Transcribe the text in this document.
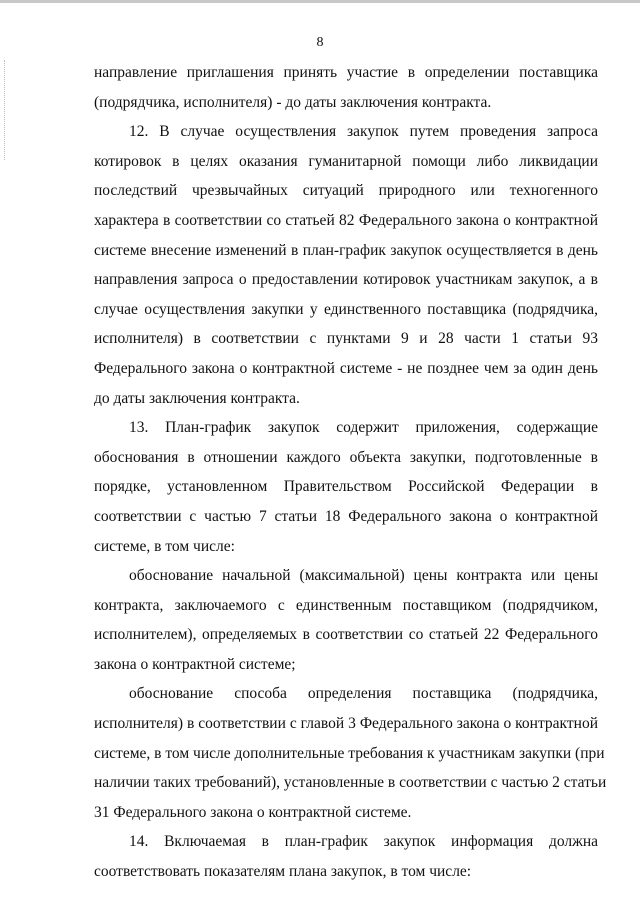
8
направление приглашения принять участие в определении поставщика
(подрядчика, исполнителя) - до даты заключения контракта.
12. В случае осуществления закупок путем проведения запроса
котировок в целях оказания гуманитарной помощи либо ликвидации
последствий чрезвычайных ситуаций природного или техногенного
характера в соответствии со статьей 82 Федерального закона о контрактной
системе внесение изменений в план-график закупок осуществляется в день
направления запроса о предоставлении котировок участникам закупок, а в
случае осуществления закупки у единственного поставщика (подрядчика,
исполнителя) в соответствии с пунктами 9 и 28 части 1 статьи 93
Федерального закона о контрактной системе - не позднее чем за один день
до даты заключения контракта.
13. План-график закупок содержит приложения, содержащие
обоснования в отношении каждого объекта закупки, подготовленные в
порядке, установленном Правительством Российской Федерации в
соответствии с частью 7 статьи 18 Федерального закона о контрактной
системе, в том числе:
обоснование начальной (максимальной) цены контракта или цены
контракта, заключаемого с единственным поставщиком (подрядчиком,
исполнителем), определяемых в соответствии со статьей 22 Федерального
закона о контрактной системе;
обоснование способа определения поставщика (подрядчика,
исполнителя) в соответствии с главой 3 Федерального закона о контрактной
системе, в том числе дополнительные требования к участникам закупки (при
наличии таких требований), установленные в соответствии с частью 2 статьи
31 Федерального закона о контрактной системе.
14. Включаемая в план-график закупок информация должна
соответствовать показателям плана закупок, в том числе:
